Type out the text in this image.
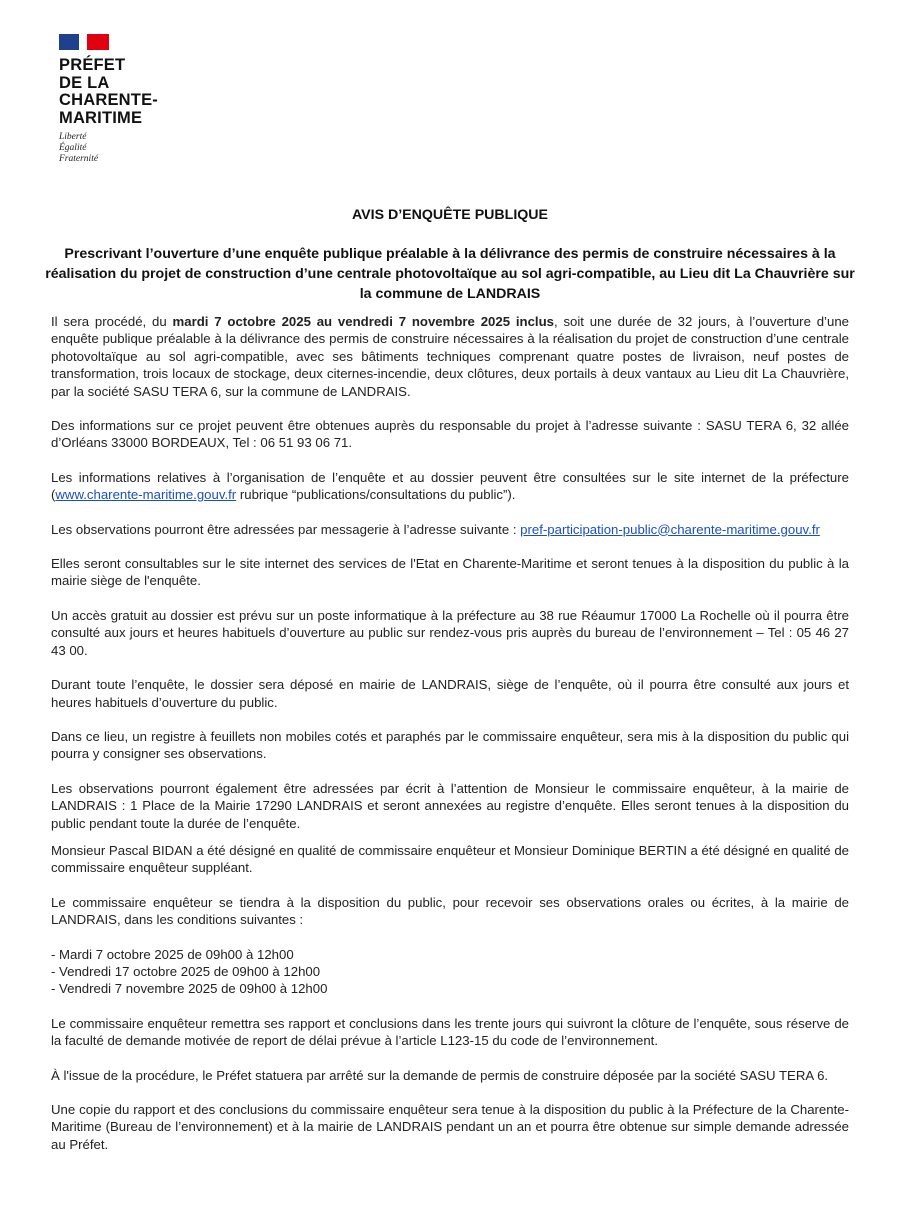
PRÉFET
DE LA
CHARENTE-
MARITIME
Liberté
Égalité
Fraternité
AVIS D’ENQUÊTE PUBLIQUE
Prescrivant l’ouverture d’une enquête publique préalable à la délivrance des permis de construire nécessaires à la réalisation du projet de construction d’une centrale photovoltaïque au sol agri-compatible, au Lieu dit La Chauvrière sur la commune de LANDRAIS

Il sera procédé, du mardi 7 octobre 2025 au vendredi 7 novembre 2025 inclus, soit une durée de 32 jours, à l’ouverture d’une enquête publique préalable à la délivrance des permis de construire nécessaires à la réalisation du projet de construction d’une centrale photovoltaïque au sol agri-compatible, avec ses bâtiments techniques comprenant quatre postes de livraison, neuf postes de transformation, trois locaux de stockage, deux citernes-incendie, deux clôtures, deux portails à deux vantaux au Lieu dit La Chauvrière, par la société SASU TERA 6, sur la commune de LANDRAIS.

Des informations sur ce projet peuvent être obtenues auprès du responsable du projet à l’adresse suivante : SASU TERA 6, 32 allée d’Orléans 33000 BORDEAUX, Tel : 06 51 93 06 71.

Les informations relatives à l’organisation de l’enquête et au dossier peuvent être consultées sur le site internet de la préfecture (www.charente-maritime.gouv.fr rubrique “publications/consultations du public”).

Les observations pourront être adressées par messagerie à l’adresse suivante : pref-participation-public@charente-maritime.gouv.fr

Elles seront consultables sur le site internet des services de l'Etat en Charente-Maritime et seront tenues à la disposition du public à la mairie siège de l'enquête.

Un accès gratuit au dossier est prévu sur un poste informatique à la préfecture au 38 rue Réaumur 17000 La Rochelle où il pourra être consulté aux jours et heures habituels d’ouverture au public sur rendez-vous pris auprès du bureau de l’environnement – Tel : 05 46 27 43 00.

Durant toute l’enquête, le dossier sera déposé en mairie de LANDRAIS, siège de l’enquête, où il pourra être consulté aux jours et heures habituels d’ouverture du public.

Dans ce lieu, un registre à feuillets non mobiles cotés et paraphés par le commissaire enquêteur, sera mis à la disposition du public qui pourra y consigner ses observations.

Les observations pourront également être adressées par écrit à l’attention de Monsieur le commissaire enquêteur, à la mairie de LANDRAIS : 1 Place de la Mairie 17290 LANDRAIS et seront annexées au registre d’enquête. Elles seront tenues à la disposition du public pendant toute la durée de l’enquête.

Monsieur Pascal BIDAN a été désigné en qualité de commissaire enquêteur et Monsieur Dominique BERTIN a été désigné en qualité de commissaire enquêteur suppléant.

Le commissaire enquêteur se tiendra à la disposition du public, pour recevoir ses observations orales ou écrites, à la mairie de LANDRAIS, dans les conditions suivantes :

- Mardi 7 octobre 2025 de 09h00 à 12h00
- Vendredi 17 octobre 2025 de 09h00 à 12h00
- Vendredi 7 novembre 2025 de 09h00 à 12h00

Le commissaire enquêteur remettra ses rapport et conclusions dans les trente jours qui suivront la clôture de l’enquête, sous réserve de la faculté de demande motivée de report de délai prévue à l’article L123-15 du code de l’environnement.

À l'issue de la procédure, le Préfet statuera par arrêté sur la demande de permis de construire déposée par la société SASU TERA 6.

Une copie du rapport et des conclusions du commissaire enquêteur sera tenue à la disposition du public à la Préfecture de la Charente-Maritime (Bureau de l’environnement) et à la mairie de LANDRAIS pendant un an et pourra être obtenue sur simple demande adressée au Préfet.
